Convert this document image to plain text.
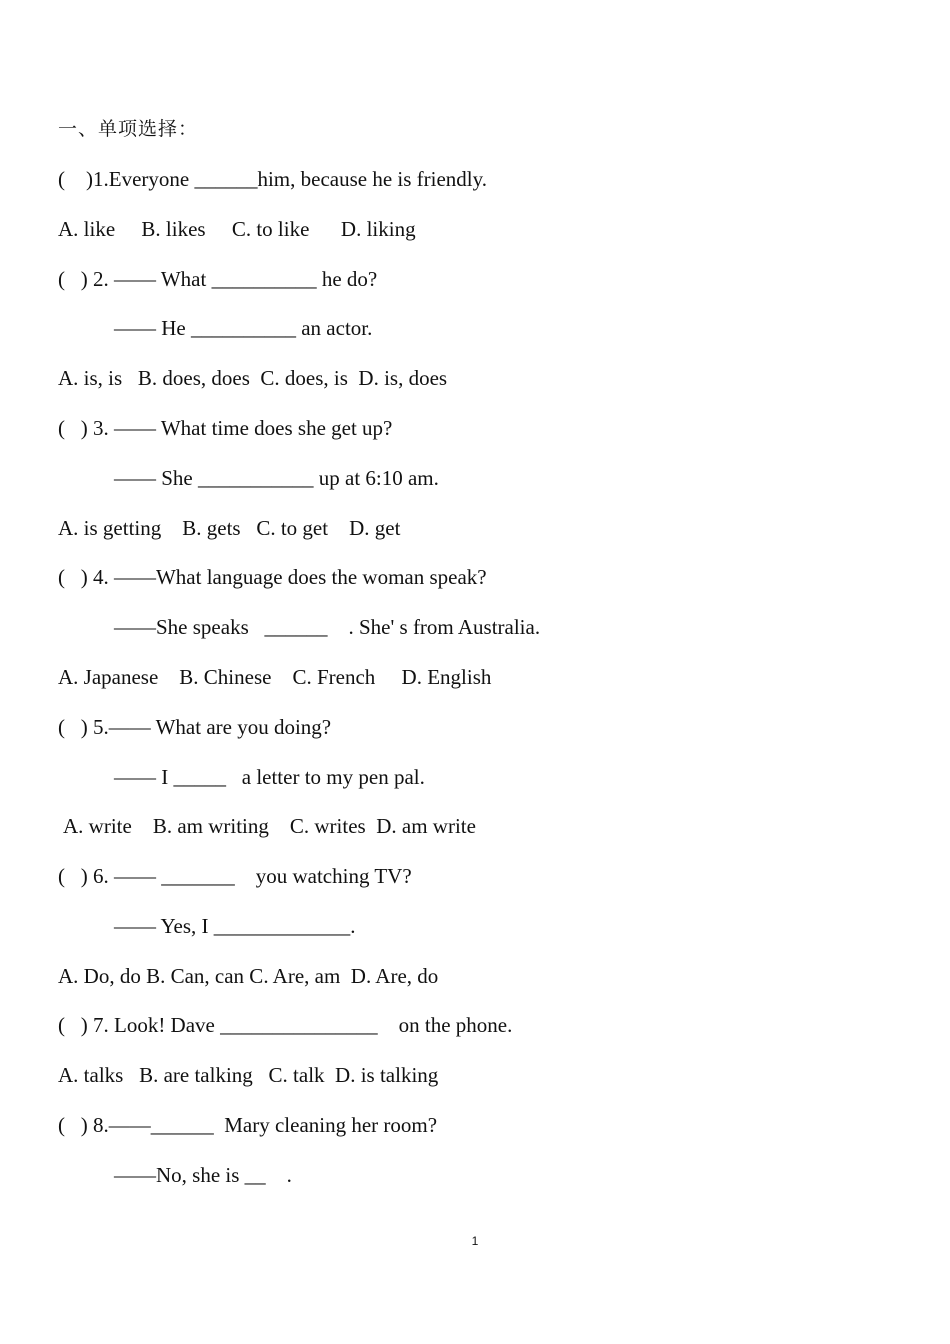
一、单项选择：
(    )1.Everyone ______him, because he is friendly.
A. like     B. likes     C. to like      D. liking
(   ) 2. —— What __________ he do?
—— He __________ an actor.
A. is, is   B. does, does  C. does, is  D. is, does
(   ) 3. —— What time does she get up?
—— She ___________ up at 6:10 am.
A. is getting    B. gets   C. to get    D. get
(   ) 4. ——What language does the woman speak?
——She speaks   ______    . She' s from Australia.
A. Japanese    B. Chinese    C. French     D. English
(   ) 5.—— What are you doing?
—— I _____   a letter to my pen pal.
A. write    B. am writing    C. writes  D. am write
(   ) 6. —— _______    you watching TV?
—— Yes, I _____________.
A. Do, do B. Can, can C. Are, am  D. Are, do
(   ) 7. Look! Dave _______________    on the phone.
A. talks   B. are talking   C. talk  D. is talking
(   ) 8.——______  Mary cleaning her room?
——No, she is __    .
1
